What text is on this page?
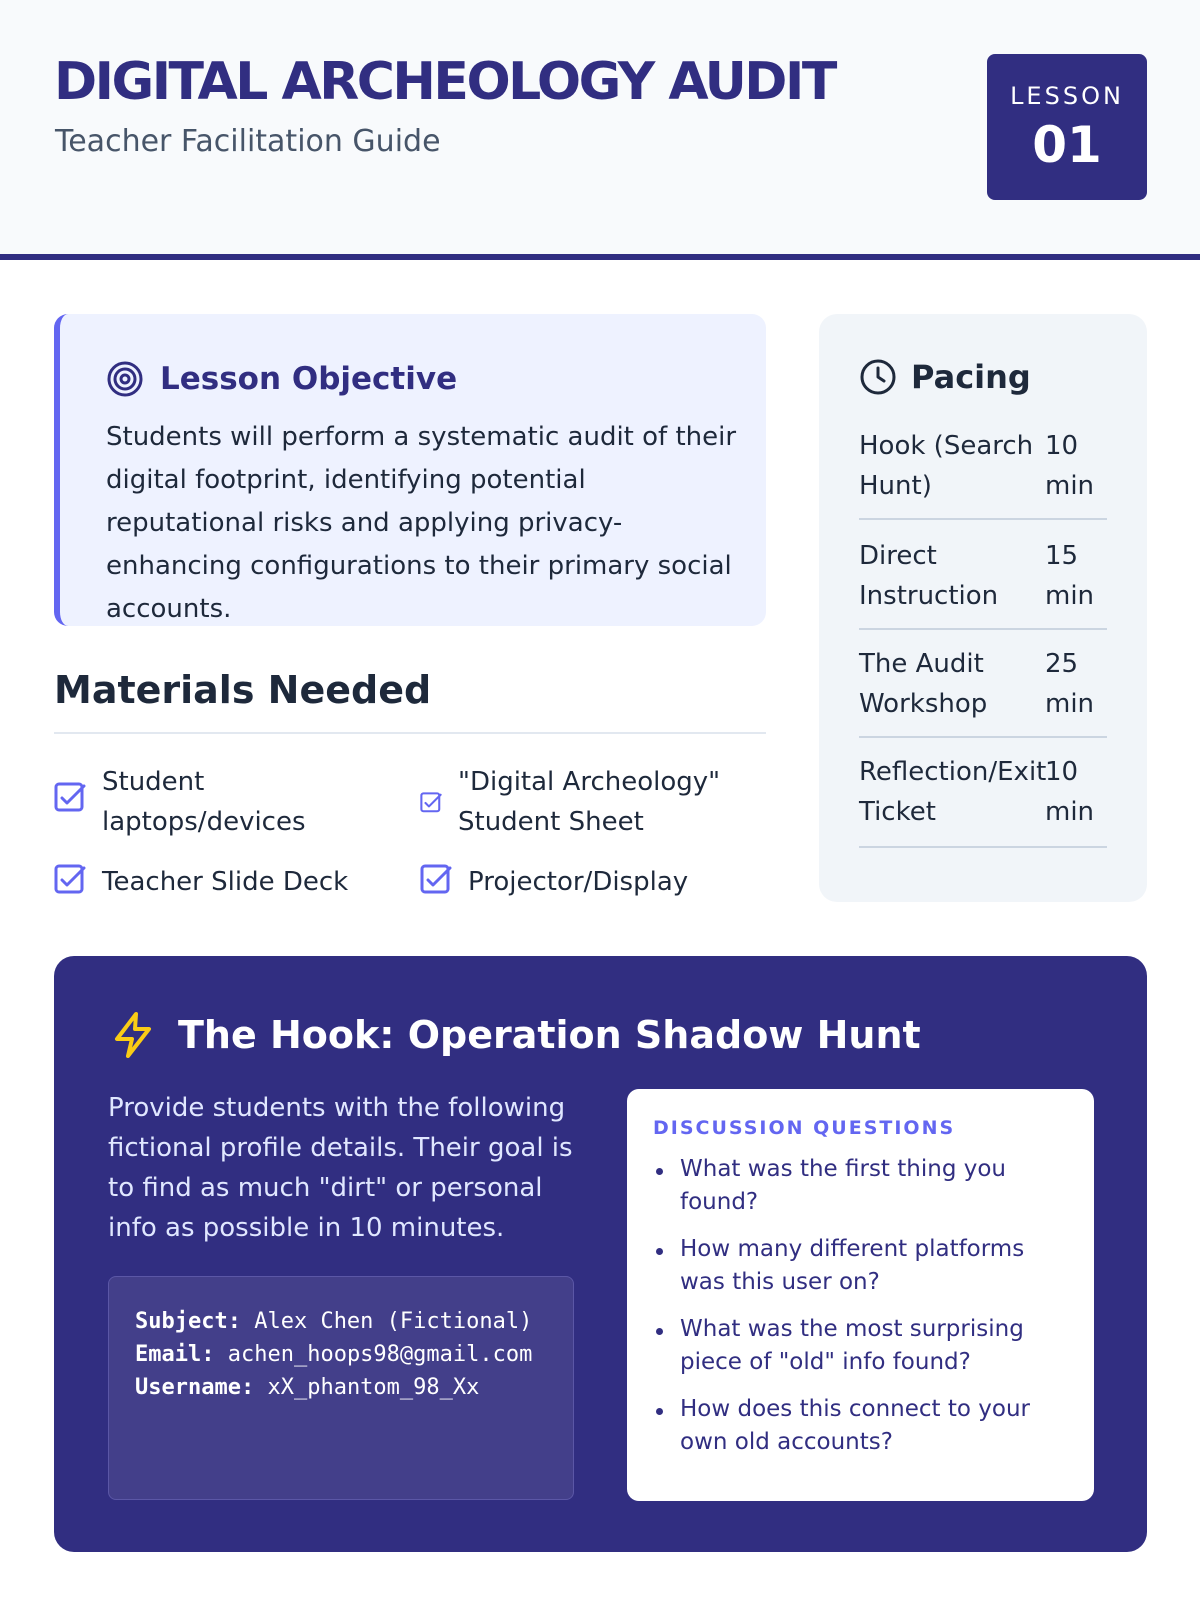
DIGITAL ARCHEOLOGY AUDIT
Teacher Facilitation Guide
LESSON
01
Lesson Objective

Students will perform a systematic audit of their digital footprint, identifying potential reputational risks and applying privacy-enhancing configurations to their primary social accounts.

Materials Needed
Student laptops/devices
"Digital Archeology" Student Sheet
Teacher Slide Deck	Projector/Display
Pacing
Hook (Search Hunt)
10 min
Direct Instruction
15 min
The Audit Workshop
25 min
Reflection/Exit Ticket
10 min
The Hook: Operation Shadow Hunt

Provide students with the following fictional profile details. Their goal is to find as much "dirt" or personal info as possible in 10 minutes.

Subject: Alex Chen (Fictional)
Email: achen_hoops98@gmail.com
Username: xX_phantom_98_Xx
DISCUSSION QUESTIONS
What was the first thing you found?
How many different platforms was this user on?
What was the most surprising piece of "old" info found?
How does this connect to your own old accounts?
